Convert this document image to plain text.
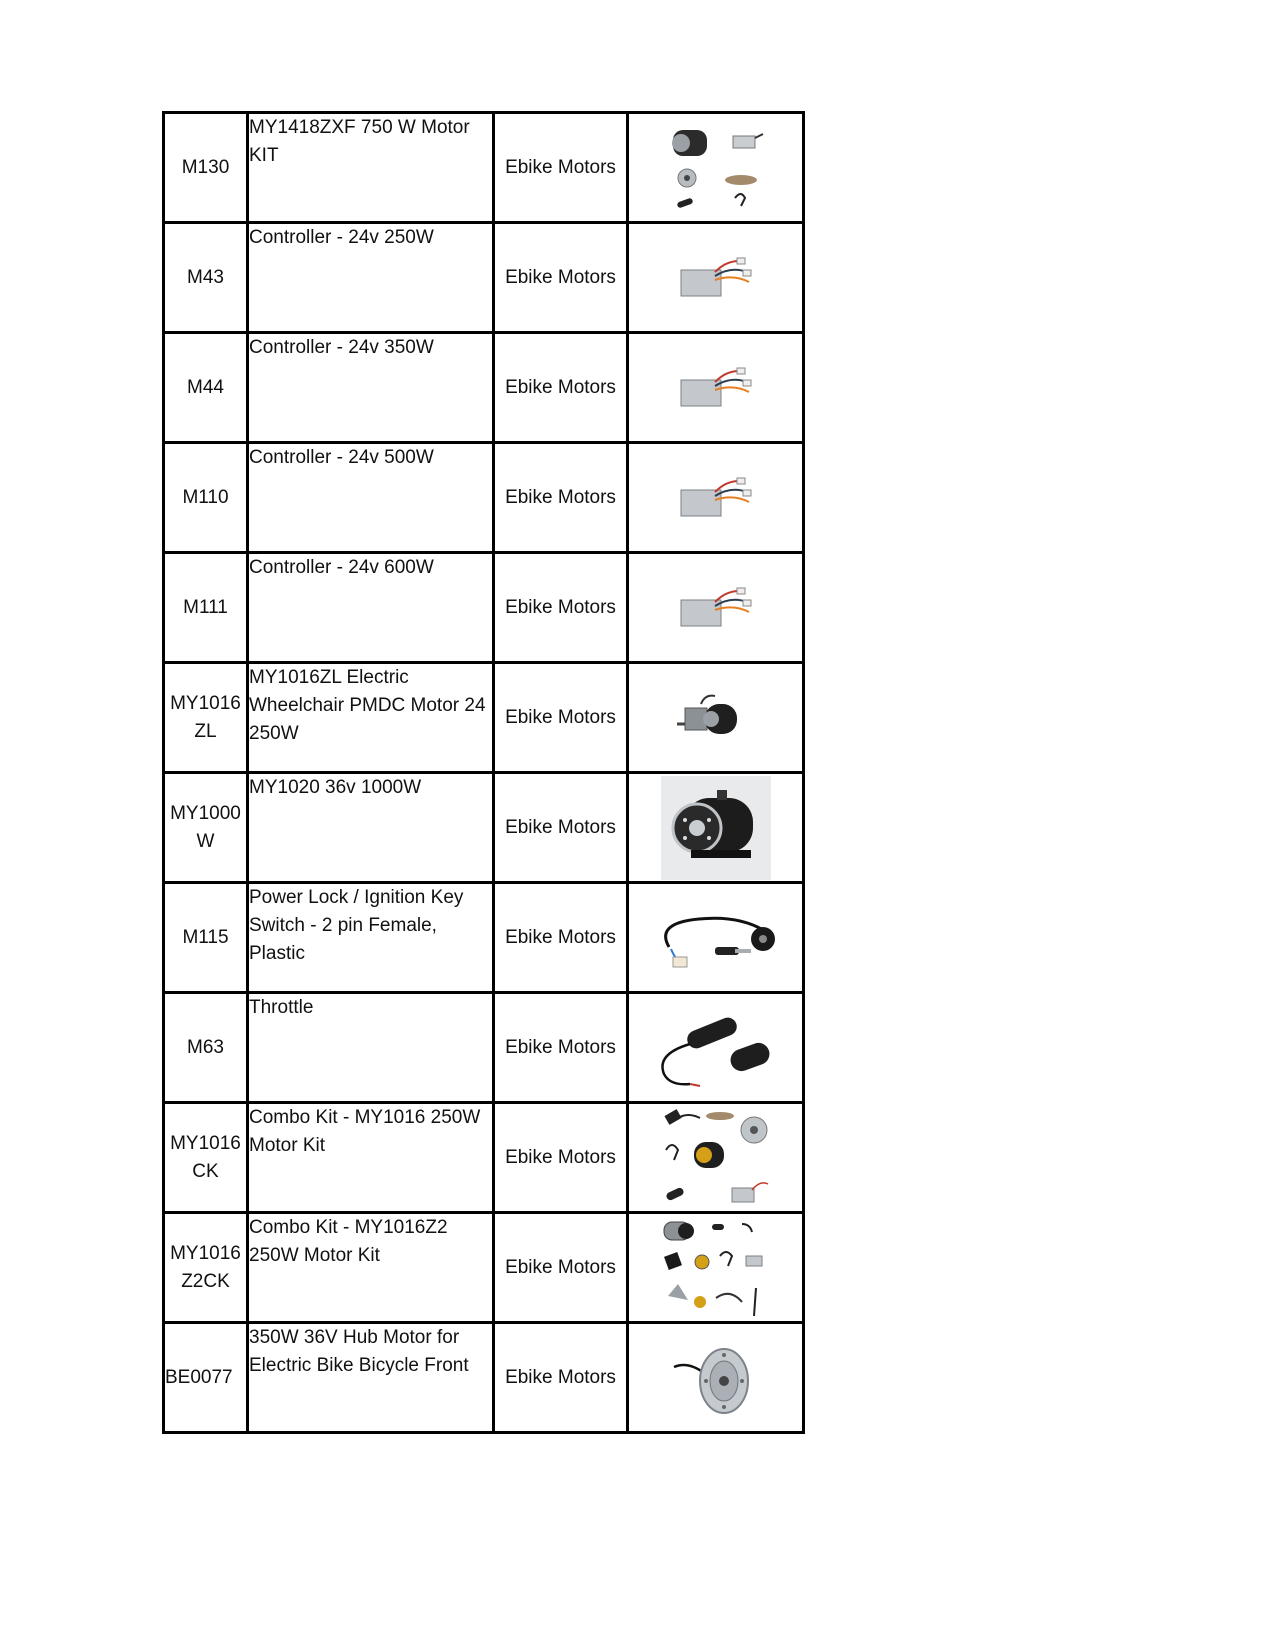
M130	MY1418ZXF 750 W Motor KIT	Ebike Motors	

M43	Controller - 24v 250W	Ebike Motors	

M44	Controller - 24v 350W	Ebike Motors	

M110	Controller - 24v 500W	Ebike Motors	

M111	Controller - 24v 600W	Ebike Motors	

MY1016 ZL	MY1016ZL Electric Wheelchair PMDC Motor 24 250W	Ebike Motors	

MY1000 W	MY1020 36v 1000W	Ebike Motors	

M115	Power Lock / Ignition Key Switch - 2 pin Female, Plastic	Ebike Motors	

M63	Throttle	Ebike Motors	

MY1016 CK	Combo Kit - MY1016 250W Motor Kit	Ebike Motors	

MY1016 Z2CK	Combo Kit - MY1016Z2 250W Motor Kit	Ebike Motors	

BE0077	350W 36V Hub Motor for Electric Bike Bicycle Front	Ebike Motors	
